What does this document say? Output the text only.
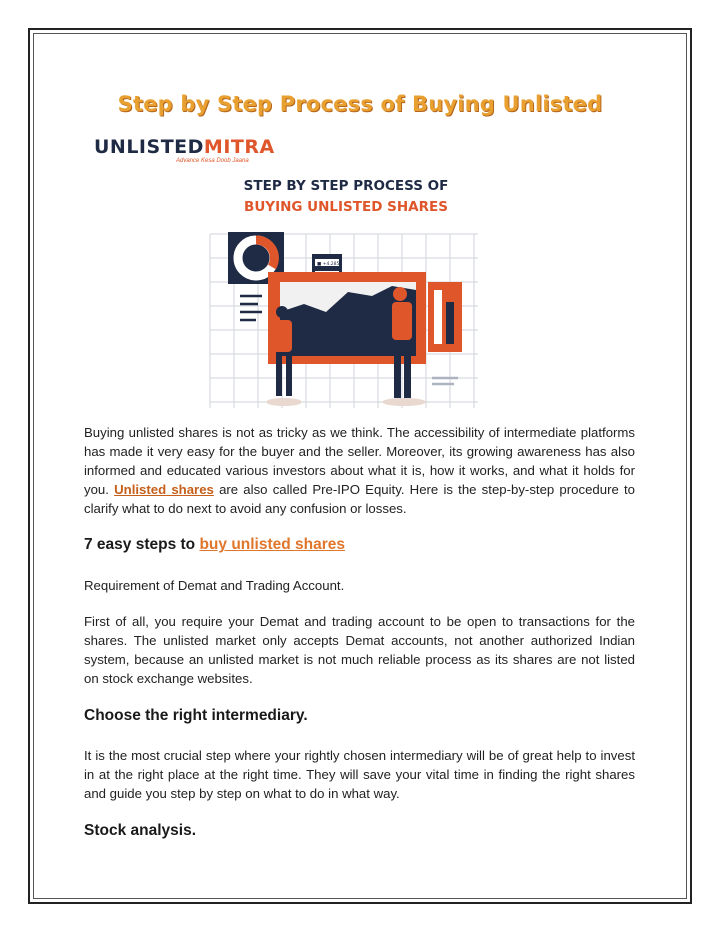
Step by Step Process of Buying Unlisted
UNLISTEDMITRA
Advance Kesa Doob Jaana
STEP BY STEP PROCESS OF
BUYING UNLISTED SHARES
■ +4.285
Buying unlisted shares is not as tricky as we think. The accessibility of intermediate platforms has made it very easy for the buyer and the seller. Moreover, its growing awareness has also informed and educated various investors about what it is, how it works, and what it holds for you. Unlisted shares are also called Pre-IPO Equity. Here is the step-by-step procedure to clarify what to do next to avoid any confusion or losses.
7 easy steps to buy unlisted shares
Requirement of Demat and Trading Account.
First of all, you require your Demat and trading account to be open to transactions for the shares. The unlisted market only accepts Demat accounts, not another authorized Indian system, because an unlisted market is not much reliable process as its shares are not listed on stock exchange websites.
Choose the right intermediary.
It is the most crucial step where your rightly chosen intermediary will be of great help to invest in at the right place at the right time. They will save your vital time in finding the right shares and guide you step by step on what to do in what way.
Stock analysis.
